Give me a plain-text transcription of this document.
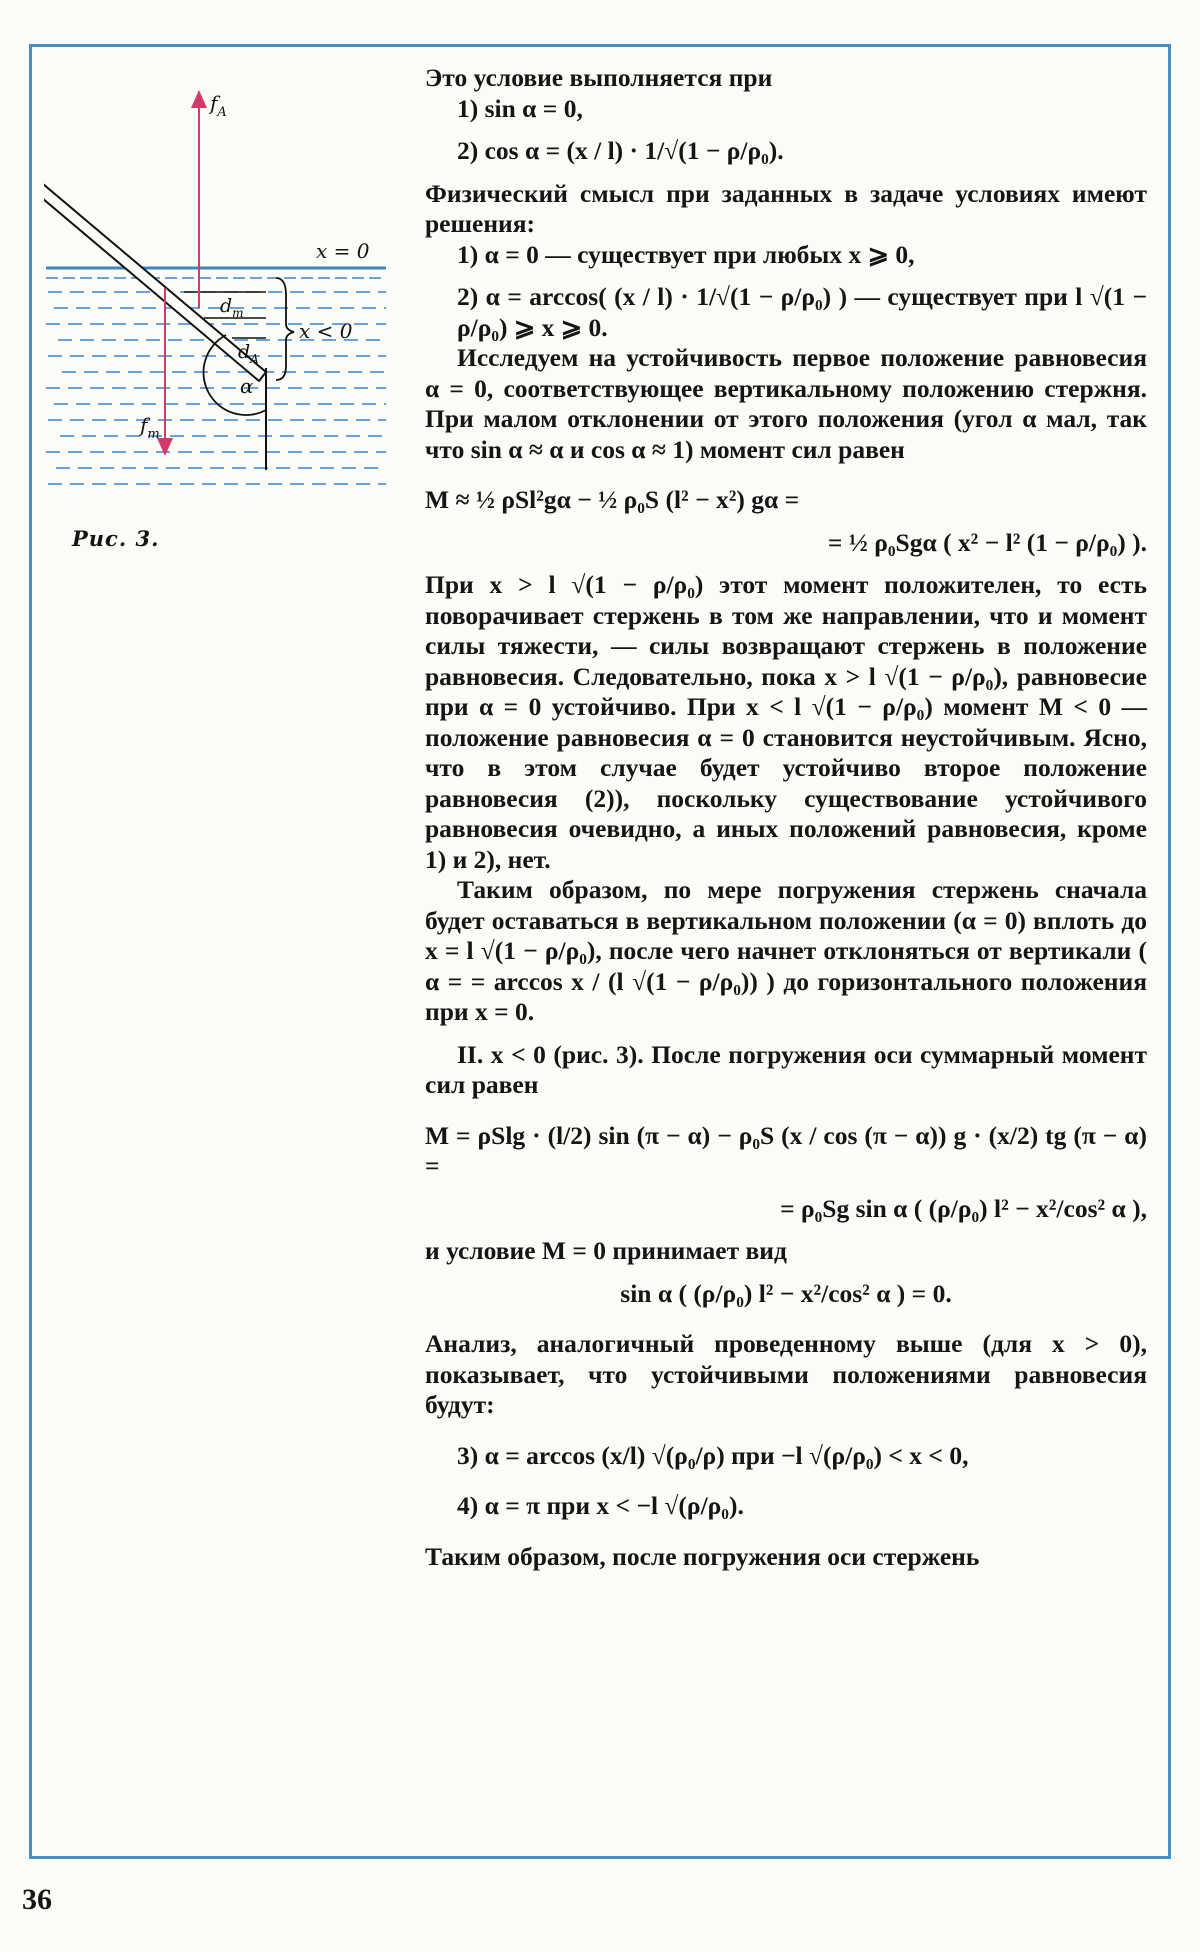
$f_A$
$f_т$
x = 0
x < 0
$d_т$
$d_A$
α
Рис. 3.

Это условие выполняется при

1) sin α = 0,

2) cos α = (x / l) · 1/√(1 − ρ/ρ₀).

Физический смысл при заданных в задаче условиях имеют решения:

1) α = 0 — существует при любых x ⩾ 0,

2) α = arccos( (x / l) · 1/√(1 − ρ/ρ₀) ) — существует при l √(1 − ρ/ρ₀) ⩾ x ⩾ 0.

Исследуем на устойчивость первое положение равновесия α = 0, соответствующее вертикальному положению стержня. При малом отклонении от этого положения (угол α мал, так что sin α ≈ α и cos α ≈ 1) момент сил равен

M ≈ ½ ρSl²gα − ½ ρ₀S (l² − x²) gα =

= ½ ρ₀Sgα ( x² − l² (1 − ρ/ρ₀) ).

При x > l √(1 − ρ/ρ₀) этот момент положителен, то есть поворачивает стержень в том же направлении, что и момент силы тяжести, — силы возвращают стержень в положение равновесия. Следовательно, пока x > l √(1 − ρ/ρ₀), равновесие при α = 0 устойчиво. При x < l √(1 − ρ/ρ₀) момент M < 0 — положение равновесия α = 0 становится неустойчивым. Ясно, что в этом случае будет устойчиво второе положение равновесия (2)), поскольку существование устойчивого равновесия очевидно, а иных положений равновесия, кроме 1) и 2), нет.

Таким образом, по мере погружения стержень сначала будет оставаться в вертикальном положении (α = 0) вплоть до x = l √(1 − ρ/ρ₀), после чего начнет отклоняться от вертикали ( α = = arccos x / (l √(1 − ρ/ρ₀)) ) до горизонтального положения при x = 0.

II. x < 0 (рис. 3). После погружения оси суммарный момент сил равен

M = ρSlg · (l/2) sin (π − α) − ρ₀S (x / cos (π − α)) g · (x/2) tg (π − α) =

= ρ₀Sg sin α ( (ρ/ρ₀) l² − x²/cos² α ),

и условие M = 0 принимает вид

sin α ( (ρ/ρ₀) l² − x²/cos² α ) = 0.

Анализ, аналогичный проведенному выше (для x > 0), показывает, что устойчивыми положениями равновесия будут:

3) α = arccos (x/l) √(ρ₀/ρ) при −l √(ρ/ρ₀) < x < 0,

4) α = π при x < −l √(ρ/ρ₀).

Таким образом, после погружения оси стержень

36
